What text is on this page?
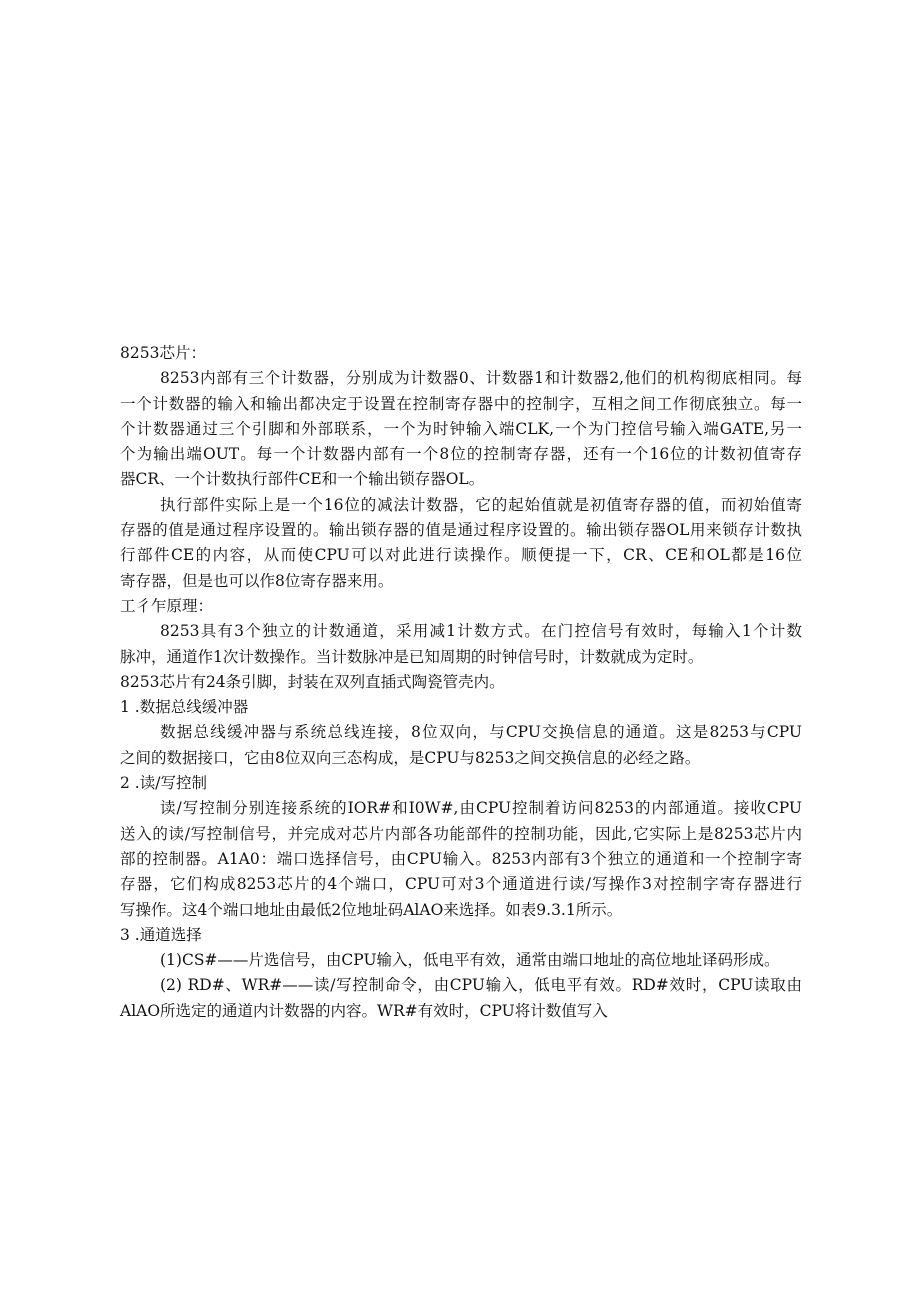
8253芯片：
8253内部有三个计数器，分别成为计数器0、计数器1和计数器2,他们的机构彻底相同。每
一个计数器的输入和输出都决定于设置在控制寄存器中的控制字，互相之间工作彻底独立。每一
个计数器通过三个引脚和外部联系，一个为时钟输入端CLK,一个为门控信号输入端GATE,另一
个为输出端OUT。每一个计数器内部有一个8位的控制寄存器，还有一个16位的计数初值寄存
器CR、一个计数执行部件CE和一个输出锁存器OL。
执行部件实际上是一个16位的减法计数器，它的起始值就是初值寄存器的值，而初始值寄
存器的值是通过程序设置的。输出锁存器的值是通过程序设置的。输出锁存器OL用来锁存计数执
行部件CE的内容，从而使CPU可以对此进行读操作。顺便提一下，CR、CE和OL都是16位
寄存器，但是也可以作8位寄存器来用。
工彳乍原理：
8253具有3个独立的计数通道，采用减1计数方式。在门控信号有效时，每输入1个计数
脉冲，通道作1次计数操作。当计数脉冲是已知周期的时钟信号时，计数就成为定时。
8253芯片有24条引脚，封装在双列直插式陶瓷管壳内。
1 .数据总线缓冲器
数据总线缓冲器与系统总线连接，8位双向，与CPU交换信息的通道。这是8253与CPU
之间的数据接口，它由8位双向三态构成，是CPU与8253之间交换信息的必经之路。
2 .读/写控制
读/写控制分别连接系统的IOR#和I0W#,由CPU控制着访问8253的内部通道。接收CPU
送入的读/写控制信号，并完成对芯片内部各功能部件的控制功能，因此,它实际上是8253芯片内
部的控制器。A1A0：端口选择信号，由CPU输入。8253内部有3个独立的通道和一个控制字寄
存器，它们构成8253芯片的4个端口，CPU可对3个通道进行读/写操作3对控制字寄存器进行
写操作。这4个端口地址由最低2位地址码AlAO来选择。如表9.3.1所示。
3 .通道选择
(1)CS#——片选信号，由CPU输入，低电平有效，通常由端口地址的高位地址译码形成。
(2) RD#、WR#——读/写控制命令，由CPU输入，低电平有效。RD#效时，CPU读取由
AlAO所选定的通道内计数器的内容。WR#有效时，CPU将计数值写入
